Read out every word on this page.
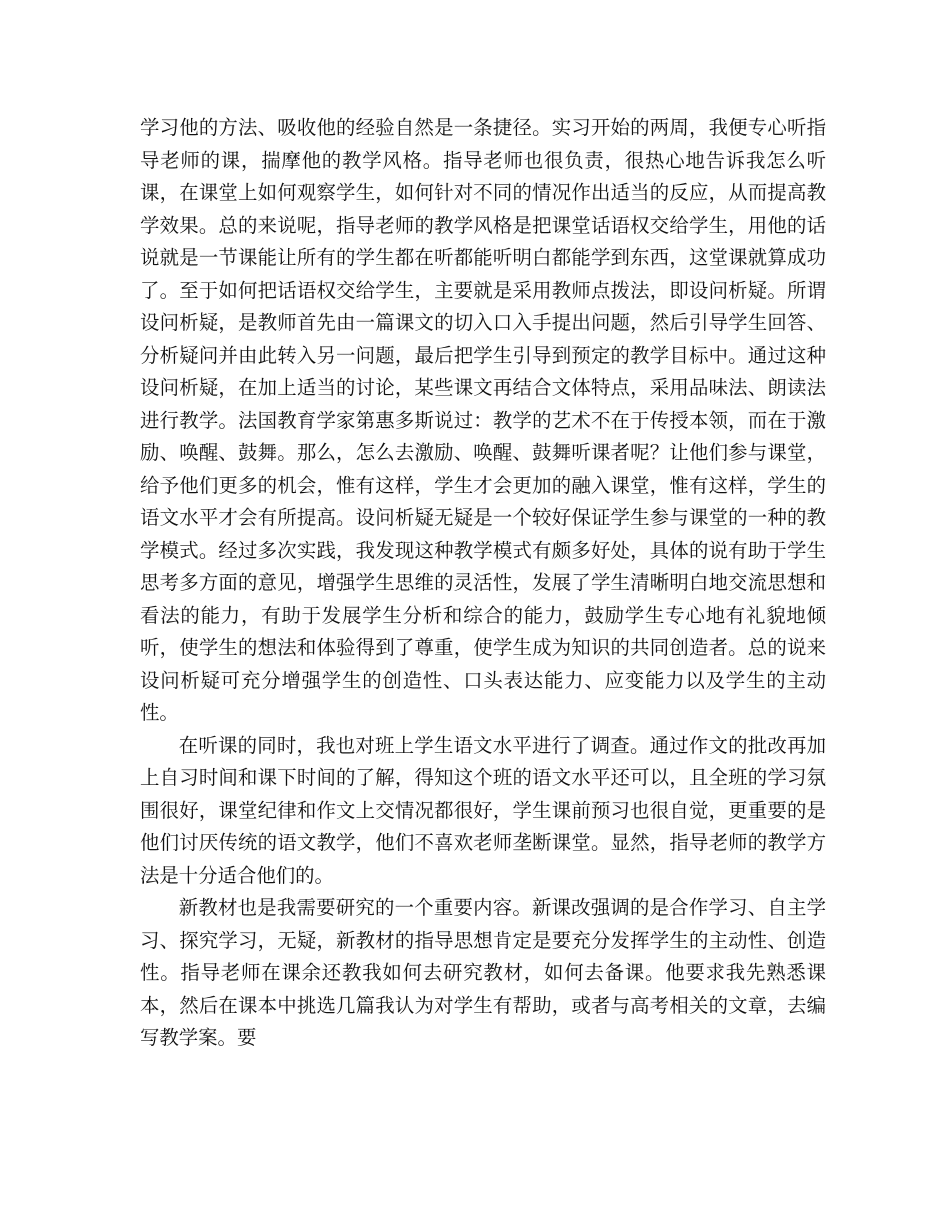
学习他的方法、吸收他的经验自然是一条捷径。实习开始的两周，我便专心听指导老师的课，揣摩他的教学风格。指导老师也很负责，很热心地告诉我怎么听课，在课堂上如何观察学生，如何针对不同的情况作出适当的反应，从而提高教学效果。总的来说呢，指导老师的教学风格是把课堂话语权交给学生，用他的话说就是一节课能让所有的学生都在听都能听明白都能学到东西，这堂课就算成功了。至于如何把话语权交给学生，主要就是采用教师点拨法，即设问析疑。所谓设问析疑，是教师首先由一篇课文的切入口入手提出问题，然后引导学生回答、分析疑问并由此转入另一问题，最后把学生引导到预定的教学目标中。通过这种设问析疑，在加上适当的讨论，某些课文再结合文体特点，采用品味法、朗读法进行教学。法国教育学家第惠多斯说过：教学的艺术不在于传授本领，而在于激励、唤醒、鼓舞。那么，怎么去激励、唤醒、鼓舞听课者呢？让他们参与课堂，给予他们更多的机会，惟有这样，学生才会更加的融入课堂，惟有这样，学生的语文水平才会有所提高。设问析疑无疑是一个较好保证学生参与课堂的一种的教学模式。经过多次实践，我发现这种教学模式有颇多好处，具体的说有助于学生思考多方面的意见，增强学生思维的灵活性，发展了学生清晰明白地交流思想和看法的能力，有助于发展学生分析和综合的能力，鼓励学生专心地有礼貌地倾听，使学生的想法和体验得到了尊重，使学生成为知识的共同创造者。总的说来设问析疑可充分增强学生的创造性、口头表达能力、应变能力以及学生的主动性。

在听课的同时，我也对班上学生语文水平进行了调查。通过作文的批改再加上自习时间和课下时间的了解，得知这个班的语文水平还可以，且全班的学习氛围很好，课堂纪律和作文上交情况都很好，学生课前预习也很自觉，更重要的是他们讨厌传统的语文教学，他们不喜欢老师垄断课堂。显然，指导老师的教学方法是十分适合他们的。

新教材也是我需要研究的一个重要内容。新课改强调的是合作学习、自主学习、探究学习，无疑，新教材的指导思想肯定是要充分发挥学生的主动性、创造性。指导老师在课余还教我如何去研究教材，如何去备课。他要求我先熟悉课本，然后在课本中挑选几篇我认为对学生有帮助，或者与高考相关的文章，去编写教学案。要
